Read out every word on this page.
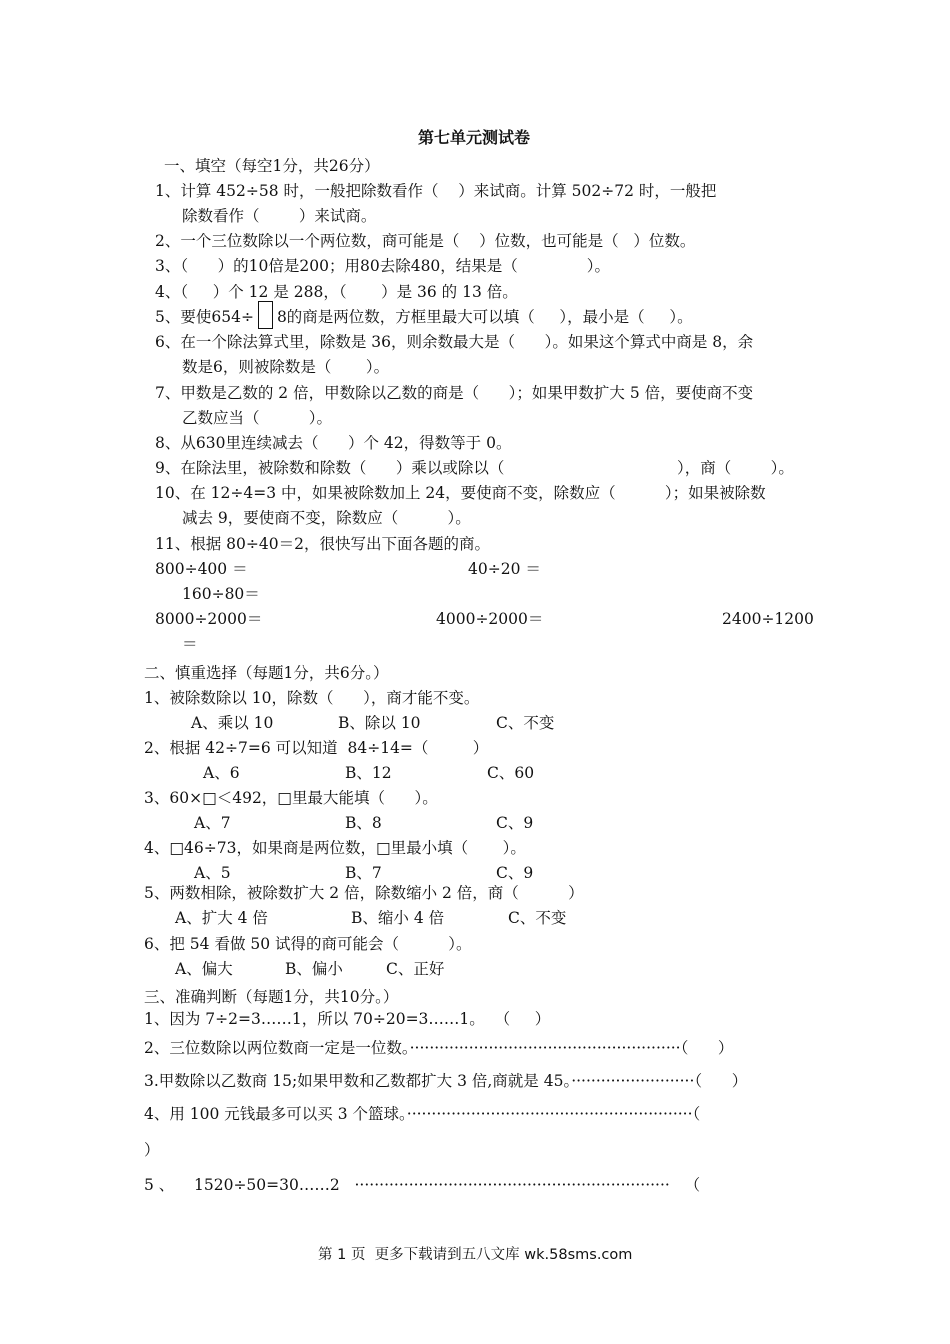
第七单元测试卷
一、填空（每空1分，共26分）
1、计算 452÷58 时，一般把除数看作（    ）来试商。计算 502÷72 时，一般把
除数看作（        ）来试商。
2、一个三位数除以一个两位数，商可能是（    ）位数，也可能是（   ）位数。
3、（      ）的10倍是200；用80去除480，结果是（              ）。
4、（     ）个 12 是 288，（       ）是 36 的 13 倍。
5、要使654÷ 8的商是两位数，方框里最大可以填（     ），最小是（     ）。
6、在一个除法算式里，除数是 36，则余数最大是（      ）。如果这个算式中商是 8，余
数是6，则被除数是（       ）。
7、甲数是乙数的 2 倍，甲数除以乙数的商是（      ）；如果甲数扩大 5 倍，要使商不变
乙数应当（          ）。
8、从630里连续减去（      ）个 42，得数等于 0。
9、在除法里，被除数和除数（      ）乘以或除以（	），商（        ）。
10、在 12÷4=3 中，如果被除数加上 24，要使商不变，除数应（          ）；如果被除数
减去 9，要使商不变，除数应（          ）。
11、根据 80÷40＝2，很快写出下面各题的商。
800÷400 ＝	40÷20 ＝
160÷80＝
8000÷2000＝	4000÷2000＝	2400÷1200
＝
二、慎重选择（每题1分，共6分。）
1、被除数除以 10，除数（      ），商才能不变。
A、乘以 10	B、除以 10	C、不变
2、根据 42÷7=6 可以知道  84÷14=（         ）
A、6	B、12	C、60
3、60×□＜492，□里最大能填（      ）。
A、7	B、8	C、9
4、□46÷73，如果商是两位数，□里最小填（       ）。
A、5	B、7	C、9
5、两数相除，被除数扩大 2 倍，除数缩小 2 倍，商（          ）
A、扩大 4 倍	B、缩小 4 倍	C、不变
6、把 54 看做 50 试得的商可能会（          ）。
A、偏大	B、偏小	C、正好
三、准确判断（每题1分，共10分。）
1、因为 7÷2=3……1，所以 70÷20=3……1。  （     ）
2、三位数除以两位数商一定是一位数。·······················································（      ）
3.甲数除以乙数商 15;如果甲数和乙数都扩大 3 倍,商就是 45。·························（      ）
4、用 100 元钱最多可以买 3 个篮球。··························································（
）
5 、    1520÷50=30……2   ································································   （
第 1 页  更多下载请到五八文库 wk.58sms.com
